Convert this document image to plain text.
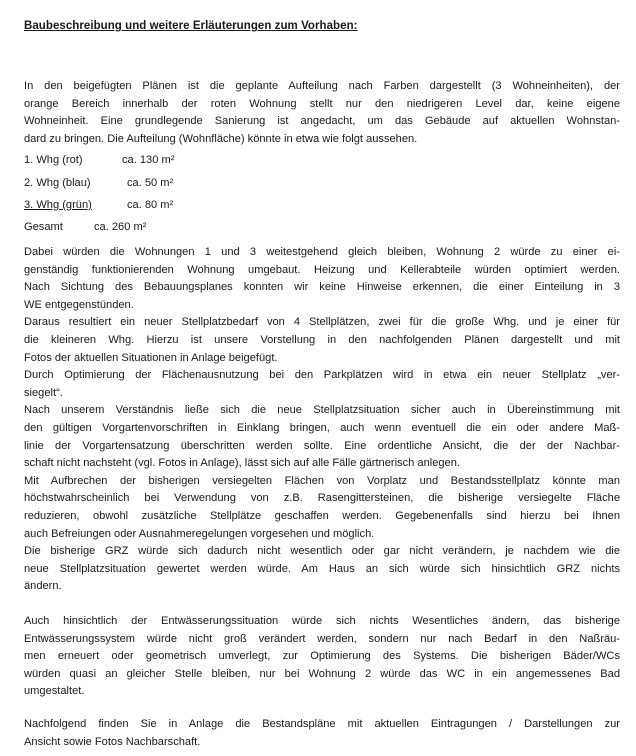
Baubeschreibung und weitere Erläuterungen zum Vorhaben:
In den beigefügten Plänen ist die geplante Aufteilung nach Farben dargestellt (3 Wohneinheiten), der
orange Bereich innerhalb der roten Wohnung stellt nur den niedrigeren Level dar, keine eigene
Wohneinheit. Eine grundlegende Sanierung ist angedacht, um das Gebäude auf aktuellen Wohnstan-
dard zu bringen. Die Aufteilung (Wohnfläche) könnte in etwa wie folgt aussehen.
1. Whg (rot)	ca. 130 m²
2. Whg (blau)	ca. 50 m²
3. Whg (grün)	ca. 80 m²
Gesamt	ca. 260 m²
Dabei würden die Wohnungen 1 und 3 weitestgehend gleich bleiben, Wohnung 2 würde zu einer ei-
genständig funktionierenden Wohnung umgebaut. Heizung und Kellerabteile würden optimiert werden.
Nach Sichtung des Bebauungsplanes konnten wir keine Hinweise erkennen, die einer Einteilung in 3
WE entgegenstünden.
Daraus resultiert ein neuer Stellplatzbedarf von 4 Stellplätzen, zwei für die große Whg. und je einer für
die kleineren Whg. Hierzu ist unsere Vorstellung in den nachfolgenden Plänen dargestellt und mit
Fotos der aktuellen Situationen in Anlage beigefügt.
Durch Optimierung der Flächenausnutzung bei den Parkplätzen wird in etwa ein neuer Stellplatz „ver-
siegelt“.
Nach unserem Verständnis ließe sich die neue Stellplatzsituation sicher auch in Übereinstimmung mit
den gültigen Vorgartenvorschriften in Einklang bringen, auch wenn eventuell die ein oder andere Maß-
linie der Vorgartensatzung überschritten werden sollte. Eine ordentliche Ansicht, die der der Nachbar-
schaft nicht nachsteht (vgl. Fotos in Anlage), lässt sich auf alle Fälle gärtnerisch anlegen.
Mit Aufbrechen der bisherigen versiegelten Flächen von Vorplatz und Bestandsstellplatz könnte man
höchstwahrscheinlich bei Verwendung von z.B. Rasengittersteinen, die bisherige versiegelte Fläche
reduzieren, obwohl zusätzliche Stellplätze geschaffen werden. Gegebenenfalls sind hierzu bei Ihnen
auch Befreiungen oder Ausnahmeregelungen vorgesehen und möglich.
Die bisherige GRZ würde sich dadurch nicht wesentlich oder gar nicht verändern, je nachdem wie die
neue Stellplatzsituation gewertet werden würde. Am Haus an sich würde sich hinsichtlich GRZ nichts
ändern.
Auch hinsichtlich der Entwässerungssituation würde sich nichts Wesentliches ändern, das bisherige
Entwässerungssystem würde nicht groß verändert werden, sondern nur nach Bedarf in den Naßräu-
men erneuert oder geometrisch umverlegt, zur Optimierung des Systems. Die bisherigen Bäder/WCs
würden quasi an gleicher Stelle bleiben, nur bei Wohnung 2 würde das WC in ein angemessenes Bad
umgestaltet.
Nachfolgend finden Sie in Anlage die Bestandspläne mit aktuellen Eintragungen / Darstellungen zur
Ansicht sowie Fotos Nachbarschaft.
